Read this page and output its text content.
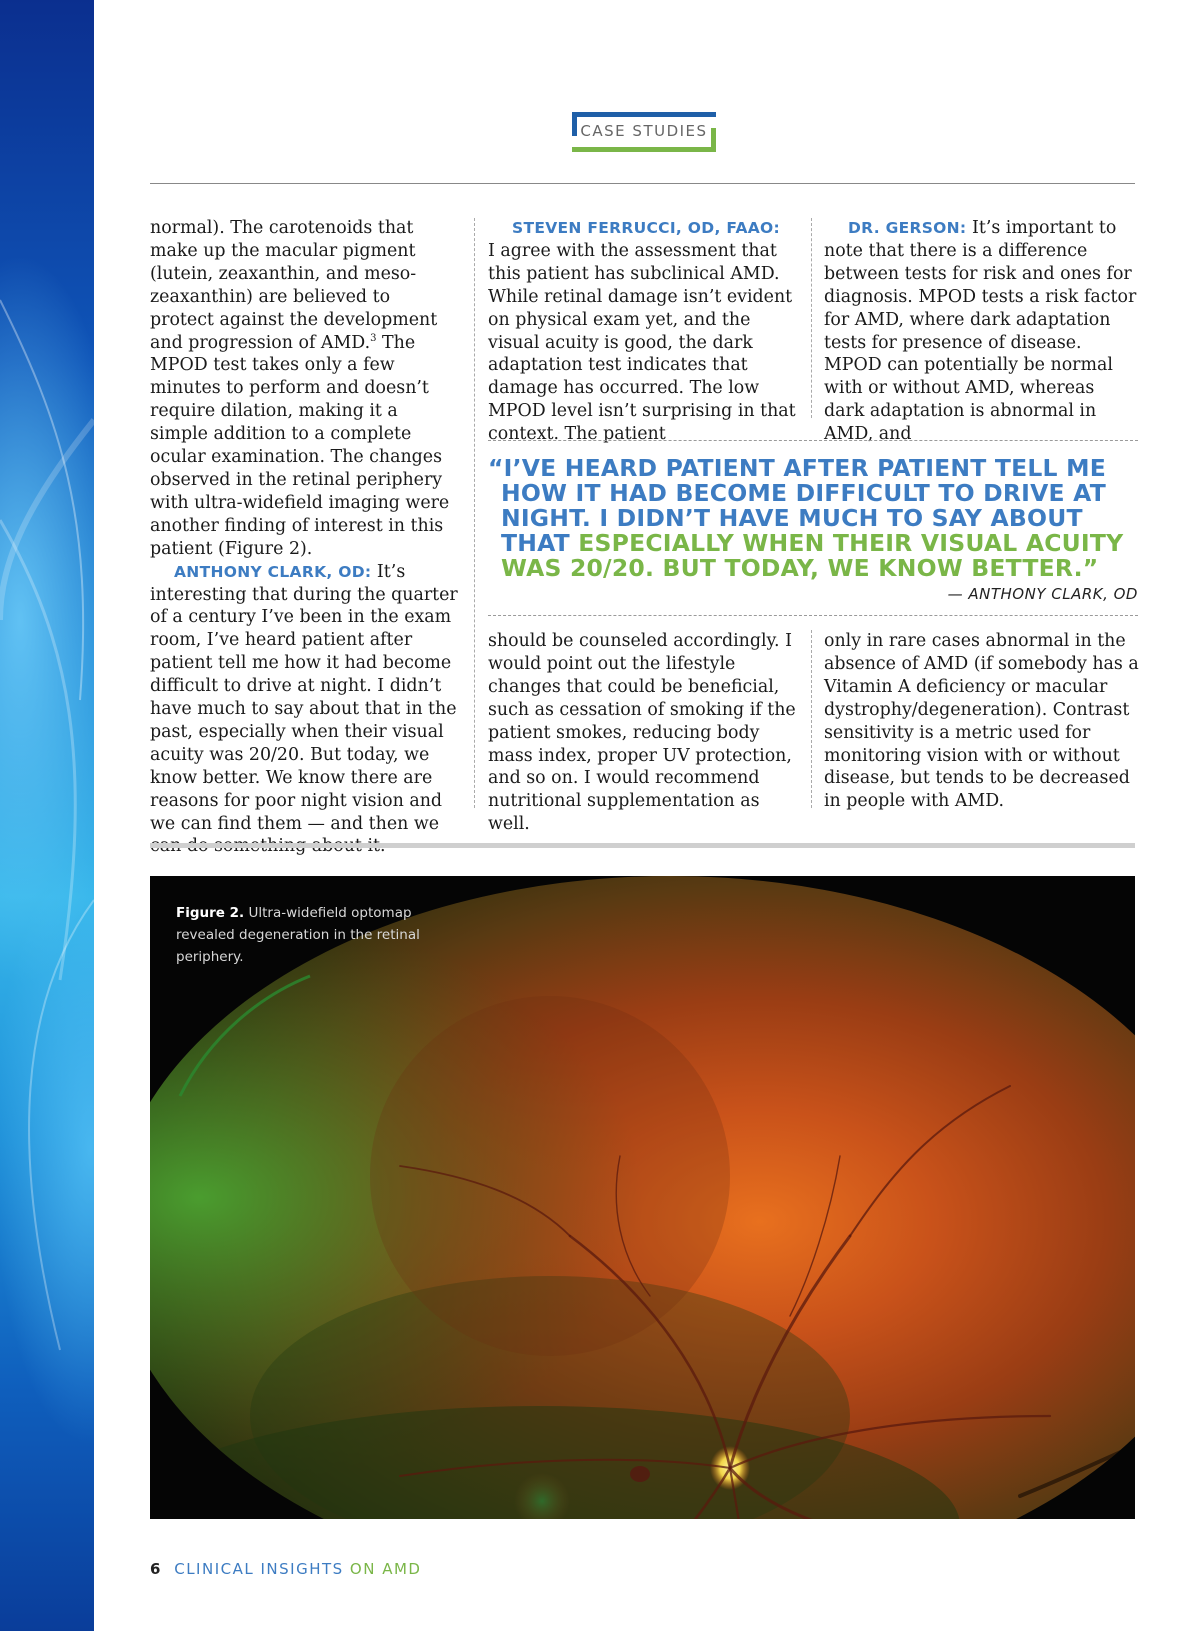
CASE STUDIES

normal). The carotenoids that make up the macular pigment (lutein, zeaxanthin, and meso-zeaxanthin) are believed to protect against the development and progression of AMD.$^3$ The MPOD test takes only a few minutes to perform and doesn’t require dilation, making it a simple addition to a complete ocular examination. The changes observed in the retinal periphery with ultra-widefield imaging were another finding of interest in this patient (Figure 2).

ANTHONY CLARK, OD: It’s interesting that during the quarter of a century I’ve been in the exam room, I’ve heard patient after patient tell me how it had become difficult to drive at night. I didn’t have much to say about that in the past, especially when their visual acuity was 20/20. But today, we know better. We know there are reasons for poor night vision and we can find them — and then we

STEVEN FERRUCCI, OD, FAAO:

I agree with the assessment that this patient has subclinical AMD. While retinal damage isn’t evident on physical exam yet, and the visual acuity is good, the dark adaptation test indicates that damage has occurred. The low MPOD level isn’t surprising in that context. The patient

DR. GERSON: It’s important to note that there is a difference between tests for risk and ones for diagnosis. MPOD tests a risk factor for AMD, where dark adaptation tests for presence of disease. MPOD can potentially be normal with or without AMD, whereas dark adaptation is abnormal in AMD, and

“I’VE HEARD PATIENT AFTER PATIENT TELL ME HOW IT HAD BECOME DIFFICULT TO DRIVE AT NIGHT. I DIDN’T HAVE MUCH TO SAY ABOUT THAT ESPECIALLY WHEN THEIR VISUAL ACUITY WAS 20/20. BUT TODAY, WE KNOW BETTER.”
— ANTHONY CLARK, OD

should be counseled accordingly. I would point out the lifestyle changes that could be beneficial, such as cessation of smoking if the patient smokes, reducing body mass index, proper UV protection, and so on. I would recommend nutritional supplementation as well.

only in rare cases abnormal in the absence of AMD (if somebody has a Vitamin A deficiency or macular dystrophy/degeneration). Contrast sensitivity is a metric used for monitoring vision with or without disease, but tends to be decreased in people with AMD.

Figure 2. Ultra-widefield optomap revealed degeneration in the retinal periphery.
6 CLINICAL INSIGHTS ON AMD
